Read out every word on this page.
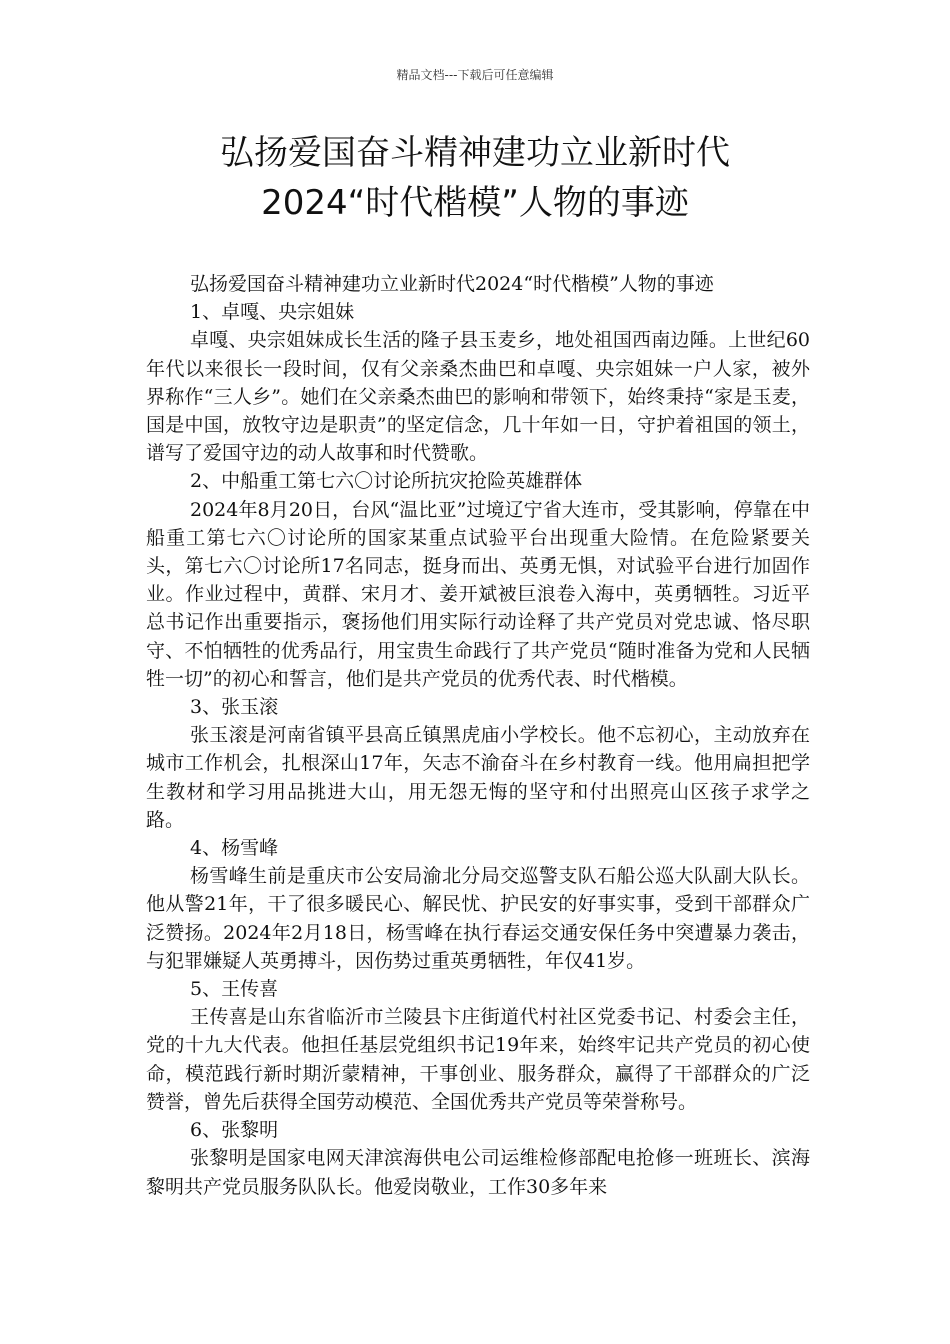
精品文档---下载后可任意编辑
弘扬爱国奋斗精神建功立业新时代
2024“时代楷模”人物的事迹

弘扬爱国奋斗精神建功立业新时代2024“时代楷模”人物的事迹

1、卓嘎、央宗姐妹

卓嘎、央宗姐妹成长生活的隆子县玉麦乡，地处祖国西南边陲。上世纪60年代以来很长一段时间，仅有父亲桑杰曲巴和卓嘎、央宗姐妹一户人家，被外界称作“三人乡”。她们在父亲桑杰曲巴的影响和带领下，始终秉持“家是玉麦，国是中国，放牧守边是职责”的坚定信念，几十年如一日，守护着祖国的领土，谱写了爱国守边的动人故事和时代赞歌。

2、中船重工第七六〇讨论所抗灾抢险英雄群体

2024年8月20日，台风“温比亚”过境辽宁省大连市，受其影响，停靠在中船重工第七六〇讨论所的国家某重点试验平台出现重大险情。在危险紧要关头，第七六〇讨论所17名同志，挺身而出、英勇无惧，对试验平台进行加固作业。作业过程中，黄群、宋月才、姜开斌被巨浪卷入海中，英勇牺牲。习近平总书记作出重要指示，褒扬他们用实际行动诠释了共产党员对党忠诚、恪尽职守、不怕牺牲的优秀品行，用宝贵生命践行了共产党员“随时准备为党和人民牺牲一切”的初心和誓言，他们是共产党员的优秀代表、时代楷模。

3、张玉滚

张玉滚是河南省镇平县高丘镇黑虎庙小学校长。他不忘初心，主动放弃在城市工作机会，扎根深山17年，矢志不渝奋斗在乡村教育一线。他用扁担把学生教材和学习用品挑进大山，用无怨无悔的坚守和付出照亮山区孩子求学之路。

4、杨雪峰

杨雪峰生前是重庆市公安局渝北分局交巡警支队石船公巡大队副大队长。他从警21年，干了很多暖民心、解民忧、护民安的好事实事，受到干部群众广泛赞扬。2024年2月18日，杨雪峰在执行春运交通安保任务中突遭暴力袭击，与犯罪嫌疑人英勇搏斗，因伤势过重英勇牺牲，年仅41岁。

5、王传喜

王传喜是山东省临沂市兰陵县卞庄街道代村社区党委书记、村委会主任，党的十九大代表。他担任基层党组织书记19年来，始终牢记共产党员的初心使命，模范践行新时期沂蒙精神，干事创业、服务群众，赢得了干部群众的广泛赞誉，曾先后获得全国劳动模范、全国优秀共产党员等荣誉称号。

6、张黎明

张黎明是国家电网天津滨海供电公司运维检修部配电抢修一班班长、滨海黎明共产党员服务队队长。他爱岗敬业，工作30多年来
